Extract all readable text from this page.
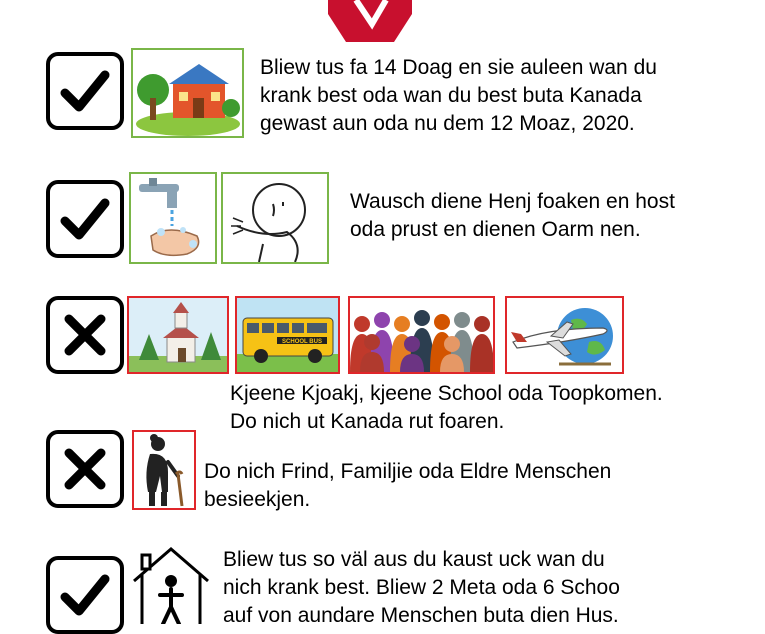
Bliew tus fa 14 Doag en sie auleen wan du
krank best oda wan du best buta Kanada
gewast aun oda nu dem 12 Moaz, 2020.
Wausch diene Henj foaken en host
oda prust en dienen Oarm nen.
SCHOOL BUS
Kjeene Kjoakj, kjeene School oda Toopkomen.
Do nich ut Kanada rut foaren.
Do nich Frind, Familjie oda Eldre Menschen
besieekjen.
Bliew tus so väl aus du kaust uck wan du
nich krank best. Bliew 2 Meta oda 6 Schoo
auf von aundare Menschen buta dien Hus.
